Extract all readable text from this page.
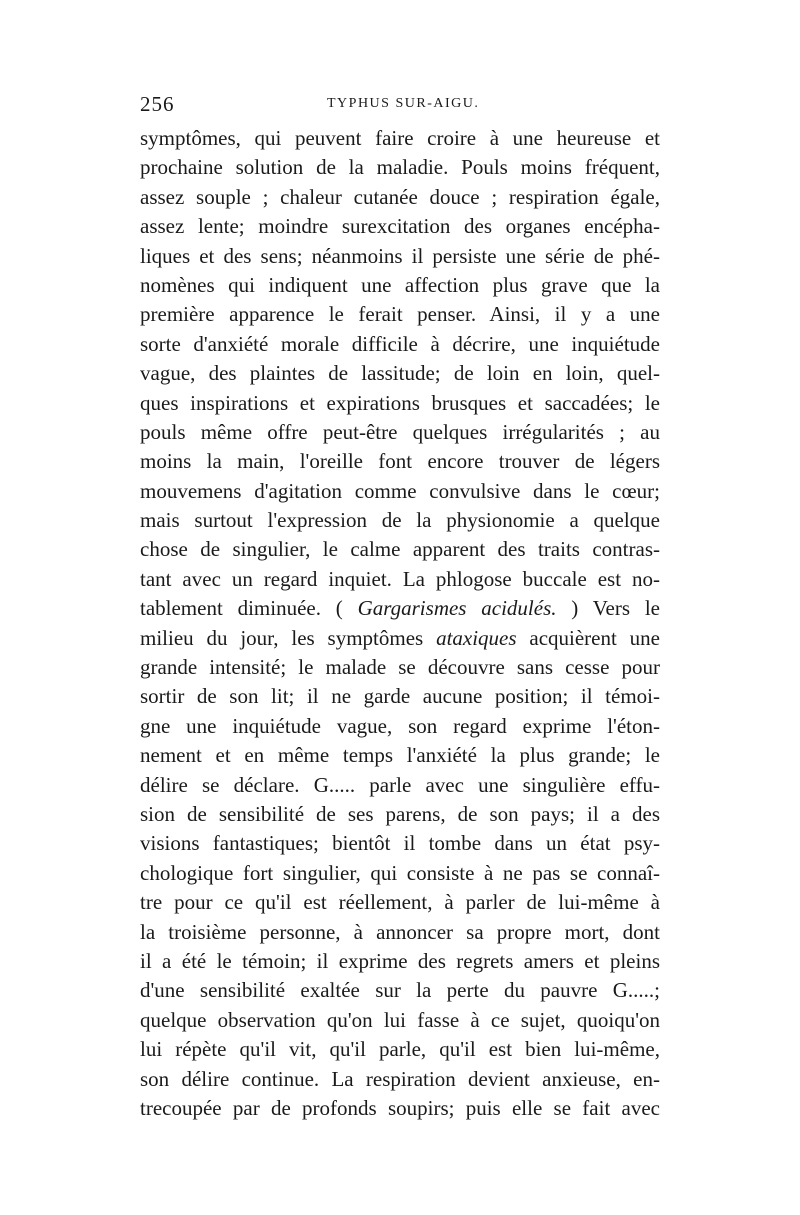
256	TYPHUS SUR-AIGU.
symptômes, qui peuvent faire croire à une heureuse et
prochaine solution de la maladie. Pouls moins fréquent,
assez souple ; chaleur cutanée douce ; respiration égale,
assez lente; moindre surexcitation des organes encépha-
liques et des sens; néanmoins il persiste une série de phé-
nomènes qui indiquent une affection plus grave que la
première apparence le ferait penser. Ainsi, il y a une
sorte d'anxiété morale difficile à décrire, une inquiétude
vague, des plaintes de lassitude; de loin en loin, quel-
ques inspirations et expirations brusques et saccadées; le
pouls même offre peut-être quelques irrégularités ; au
moins la main, l'oreille font encore trouver de légers
mouvemens d'agitation comme convulsive dans le cœur;
mais surtout l'expression de la physionomie a quelque
chose de singulier, le calme apparent des traits contras-
tant avec un regard inquiet. La phlogose buccale est no-
tablement diminuée. ( Gargarismes acidulés. ) Vers le
milieu du jour, les symptômes ataxiques acquièrent une
grande intensité; le malade se découvre sans cesse pour
sortir de son lit; il ne garde aucune position; il témoi-
gne une inquiétude vague, son regard exprime l'éton-
nement et en même temps l'anxiété la plus grande; le
délire se déclare. G..... parle avec une singulière effu-
sion de sensibilité de ses parens, de son pays; il a des
visions fantastiques; bientôt il tombe dans un état psy-
chologique fort singulier, qui consiste à ne pas se connaî-
tre pour ce qu'il est réellement, à parler de lui-même à
la troisième personne, à annoncer sa propre mort, dont
il a été le témoin; il exprime des regrets amers et pleins
d'une sensibilité exaltée sur la perte du pauvre G.....;
quelque observation qu'on lui fasse à ce sujet, quoiqu'on
lui répète qu'il vit, qu'il parle, qu'il est bien lui-même,
son délire continue. La respiration devient anxieuse, en-
trecoupée par de profonds soupirs; puis elle se fait avec
